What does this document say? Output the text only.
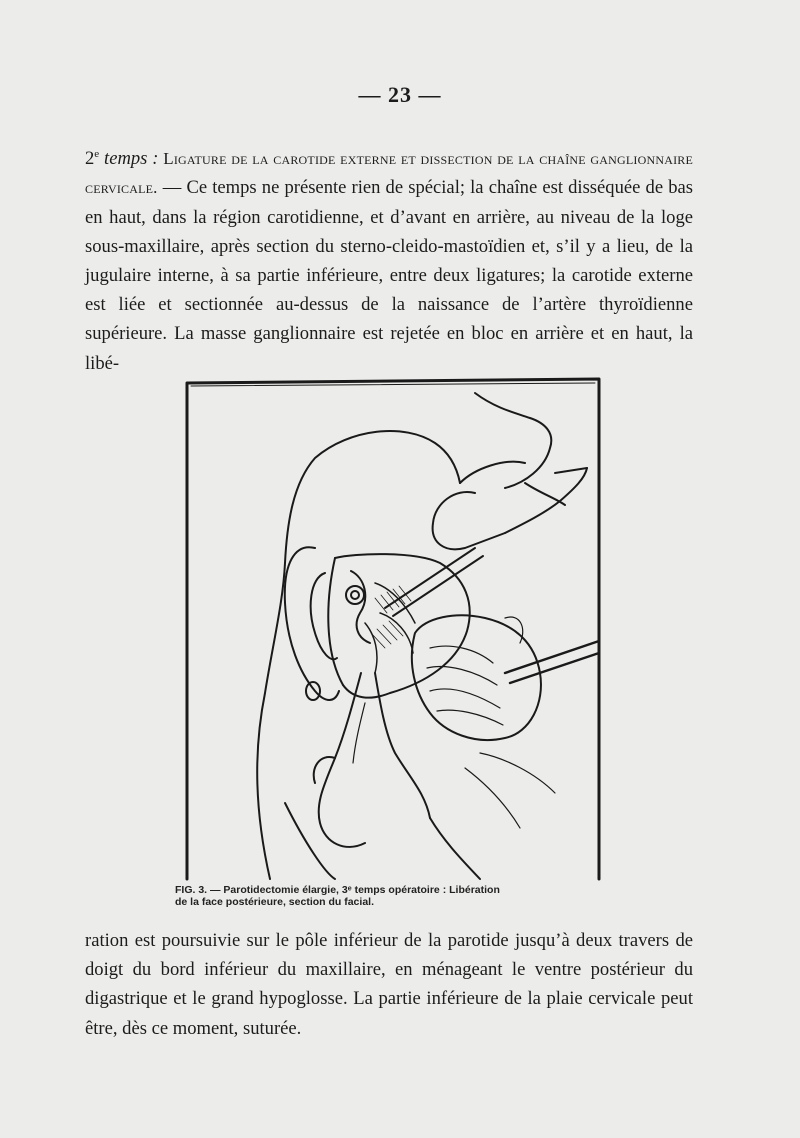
— 23 —

2e temps : Ligature de la carotide externe et dissection de la chaîne ganglionnaire cervicale. — Ce temps ne présente rien de spécial; la chaîne est disséquée de bas en haut, dans la région carotidienne, et d’avant en arrière, au niveau de la loge sous-maxillaire, après section du sterno-cleido-mastoïdien et, s’il y a lieu, de la jugulaire interne, à sa partie inférieure, entre deux ligatures; la carotide externe est liée et sectionnée au-dessus de la naissance de l’artère thyroïdienne supérieure. La masse ganglionnaire est rejetée en bloc en arrière et en haut, la libé-

FIG. 3. — Parotidectomie élargie, 3ᵉ temps opératoire : Libération
de la face postérieure, section du facial.

ration est poursuivie sur le pôle inférieur de la parotide jusqu’à deux travers de doigt du bord inférieur du maxillaire, en ménageant le ventre postérieur du digastrique et le grand hypoglosse. La partie inférieure de la plaie cervicale peut être, dès ce moment, suturée.
